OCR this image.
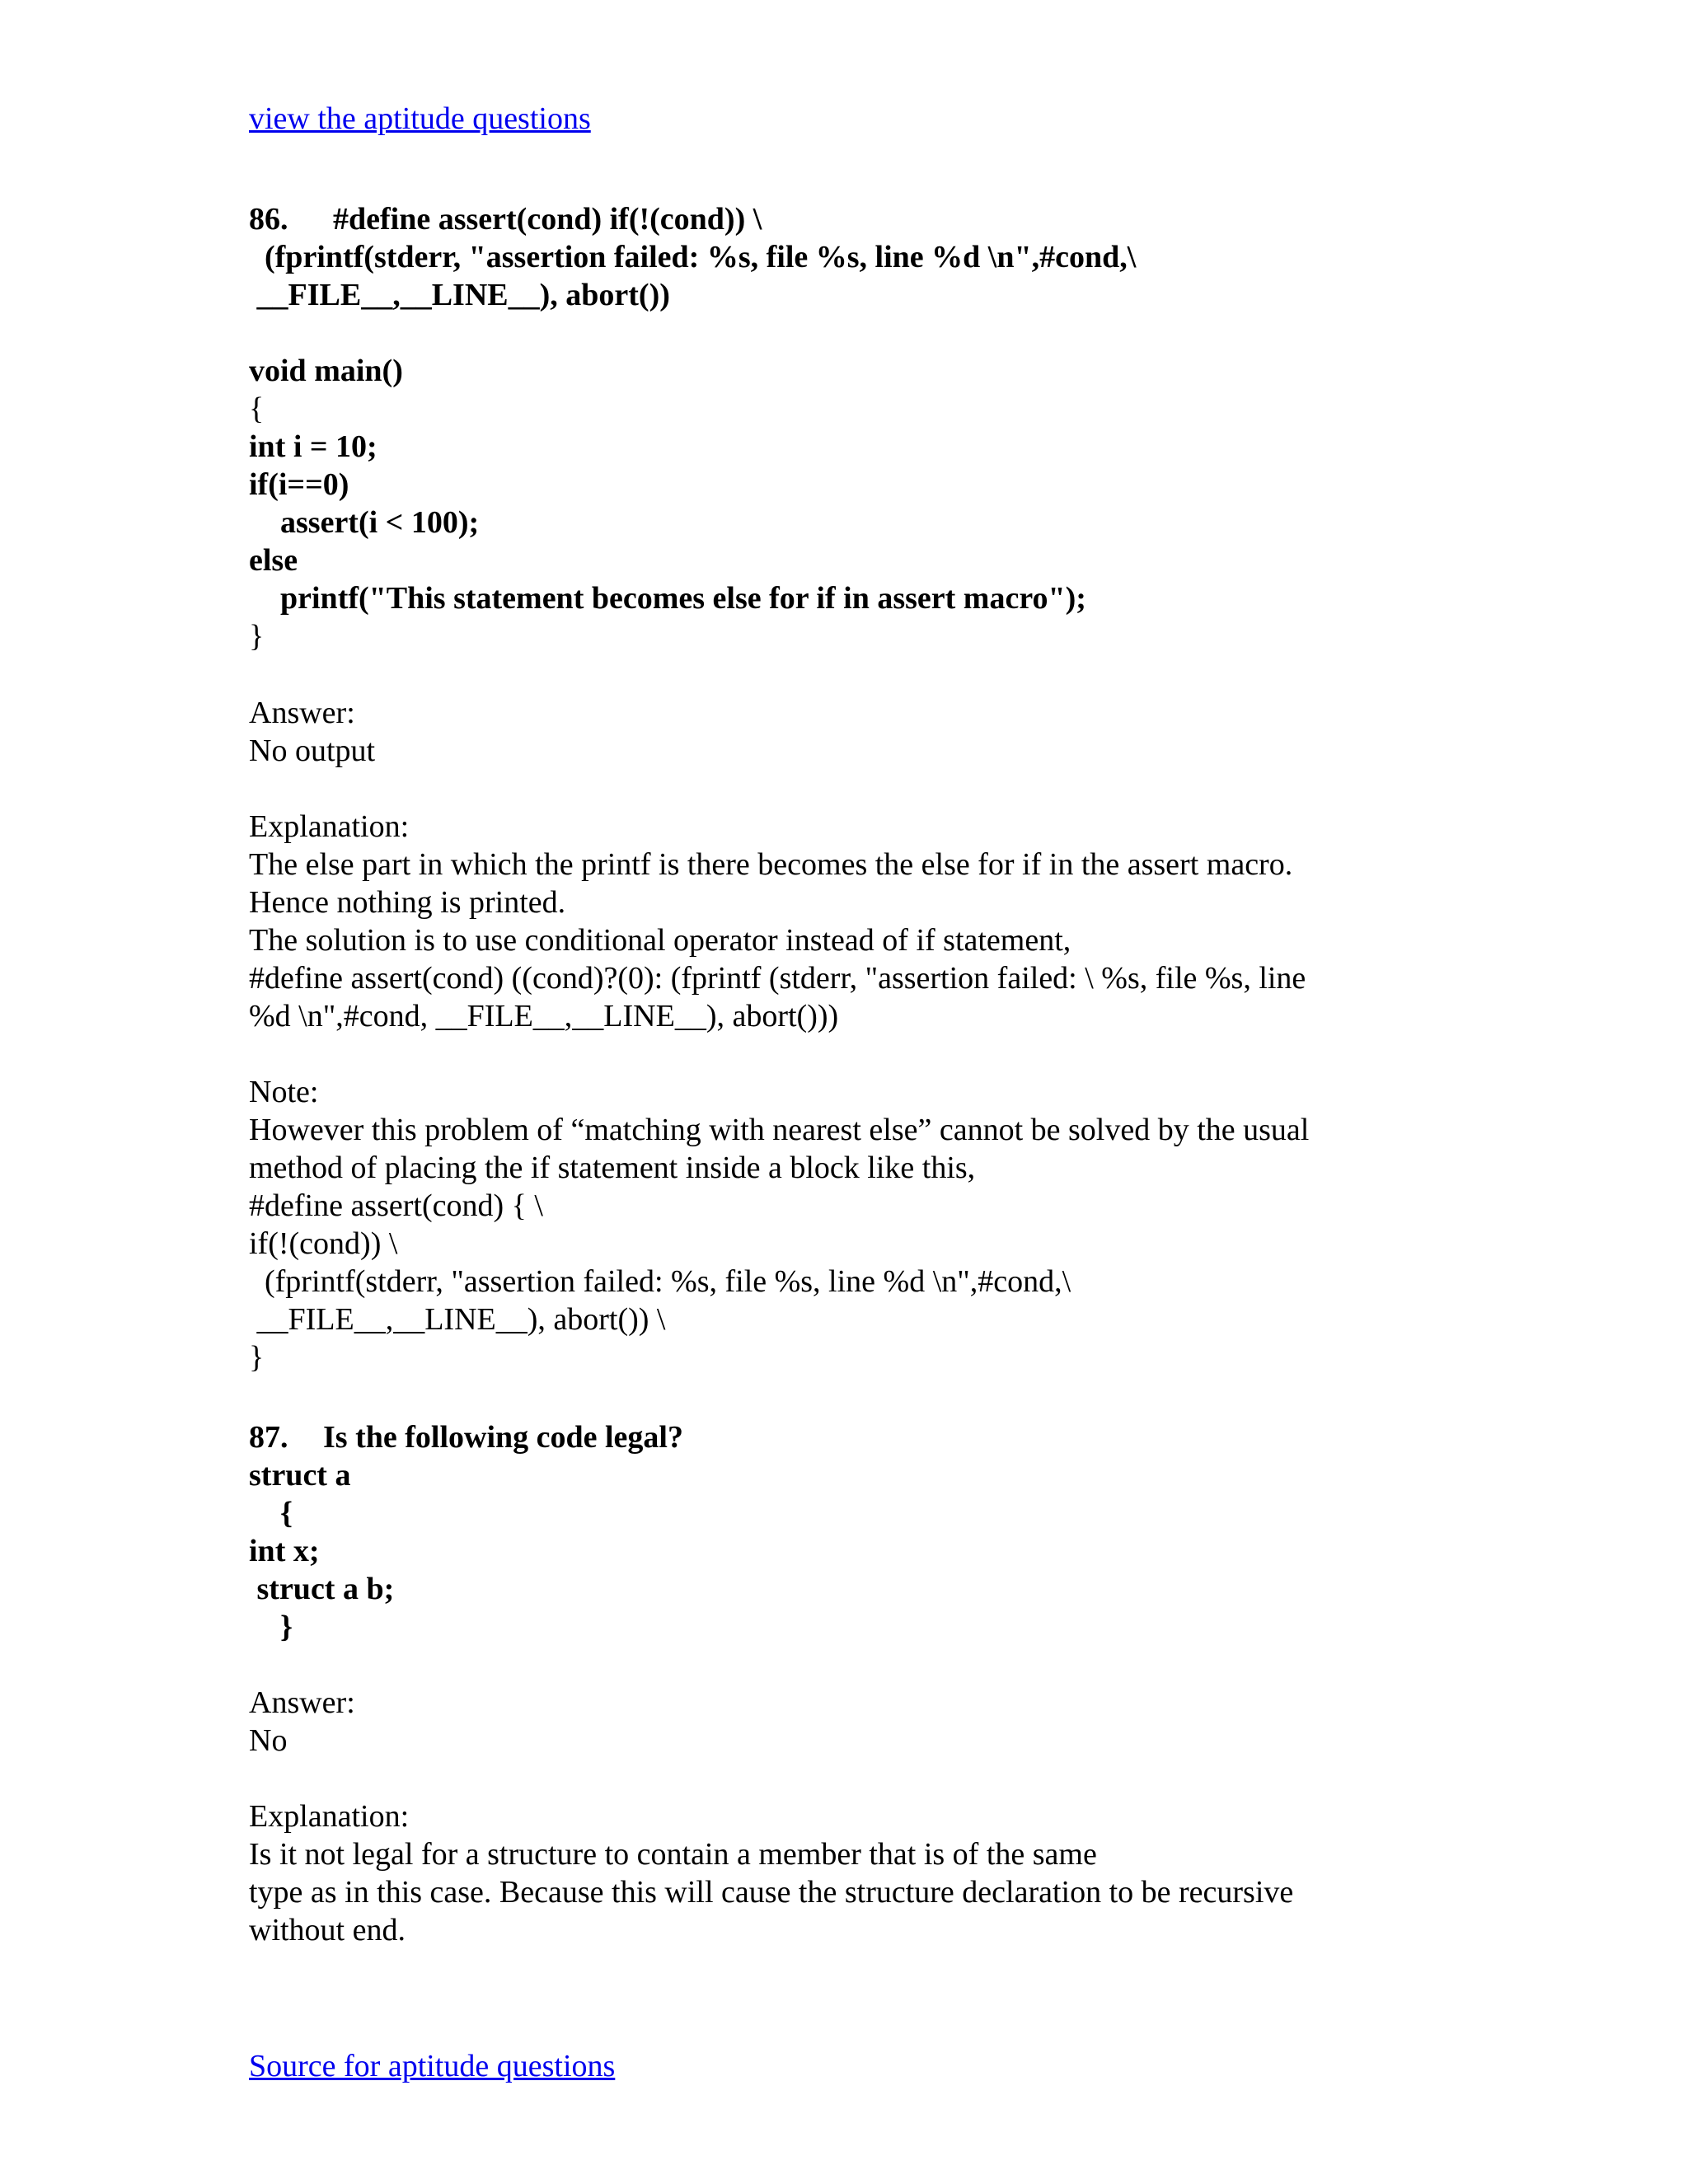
view the aptitude questions

86. #define assert(cond) if(!(cond)) \

(fprintf(stderr, "assertion failed: %s, file %s, line %d \n",#cond,\

__FILE__,__LINE__), abort())

void main()

{

int i = 10;

if(i==0)

assert(i < 100);

else

printf("This statement becomes else for if in assert macro");

}

Answer:

No output

Explanation:

The else part in which the printf is there becomes the else for if in the assert macro.

Hence nothing is printed.

The solution is to use conditional operator instead of if statement,

#define assert(cond) ((cond)?(0): (fprintf (stderr, "assertion failed: \ %s, file %s, line

%d \n",#cond, __FILE__,__LINE__), abort()))

Note:

However this problem of “matching with nearest else” cannot be solved by the usual

method of placing the if statement inside a block like this,

#define assert(cond) { \

if(!(cond)) \

(fprintf(stderr, "assertion failed: %s, file %s, line %d \n",#cond,\

__FILE__,__LINE__), abort()) \

}

87. Is the following code legal?

struct a

{

int x;

struct a b;

}

Answer:

No

Explanation:

Is it not legal for a structure to contain a member that is of the same

type as in this case. Because this will cause the structure declaration to be recursive

without end.

Source for aptitude questions
